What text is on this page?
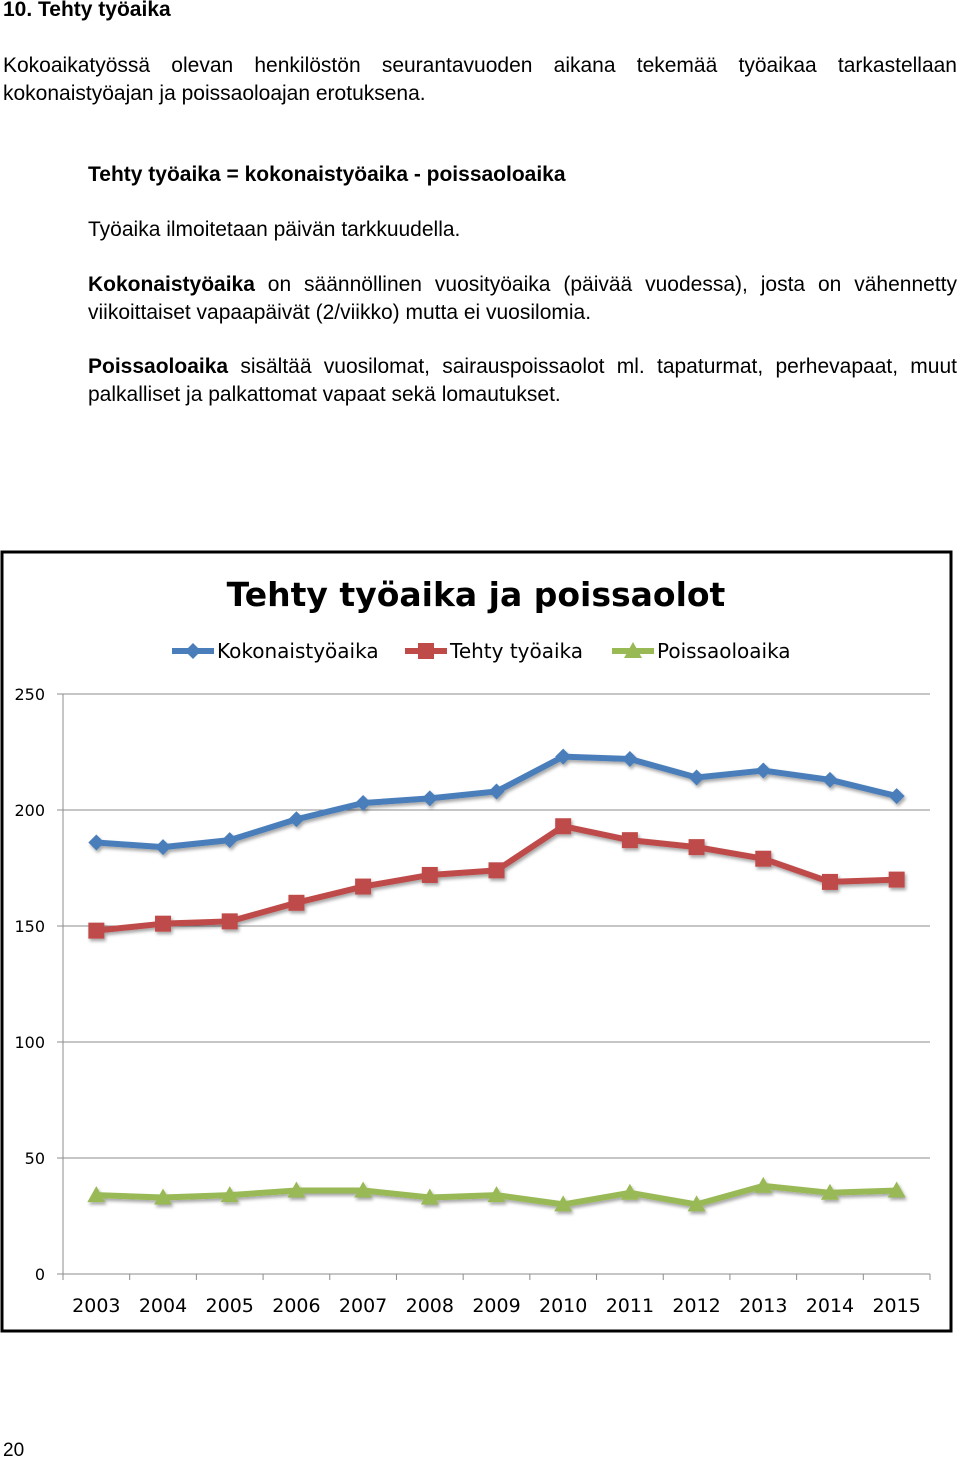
10. Tehty työaika
Kokoaikatyössä olevan henkilöstön seurantavuoden aikana tekemää työaikaa tarkastellaan kokonaistyöajan ja poissaoloajan erotuksena.
Tehty työaika = kokonaistyöaika - poissaoloaika
Työaika ilmoitetaan päivän tarkkuudella.
Kokonaistyöaika on säännöllinen vuosityöaika (päivää vuodessa), josta on vähennetty viikoittaiset vapaapäivät (2/viikko) mutta ei vuosilomia.
Poissaoloaika sisältää vuosilomat, sairauspoissaolot ml. tapaturmat, perhevapaat, muut palkalliset ja palkattomat vapaat sekä lomautukset.
Tehty työaika ja poissaolot
Kokonaistyöaika	Tehty työaika	Poissaoloaika
0
50
100
150
200
250
2003 2004 2005 2006 2007 2008 2009 2010 2011 2012 2013 2014 2015
20
